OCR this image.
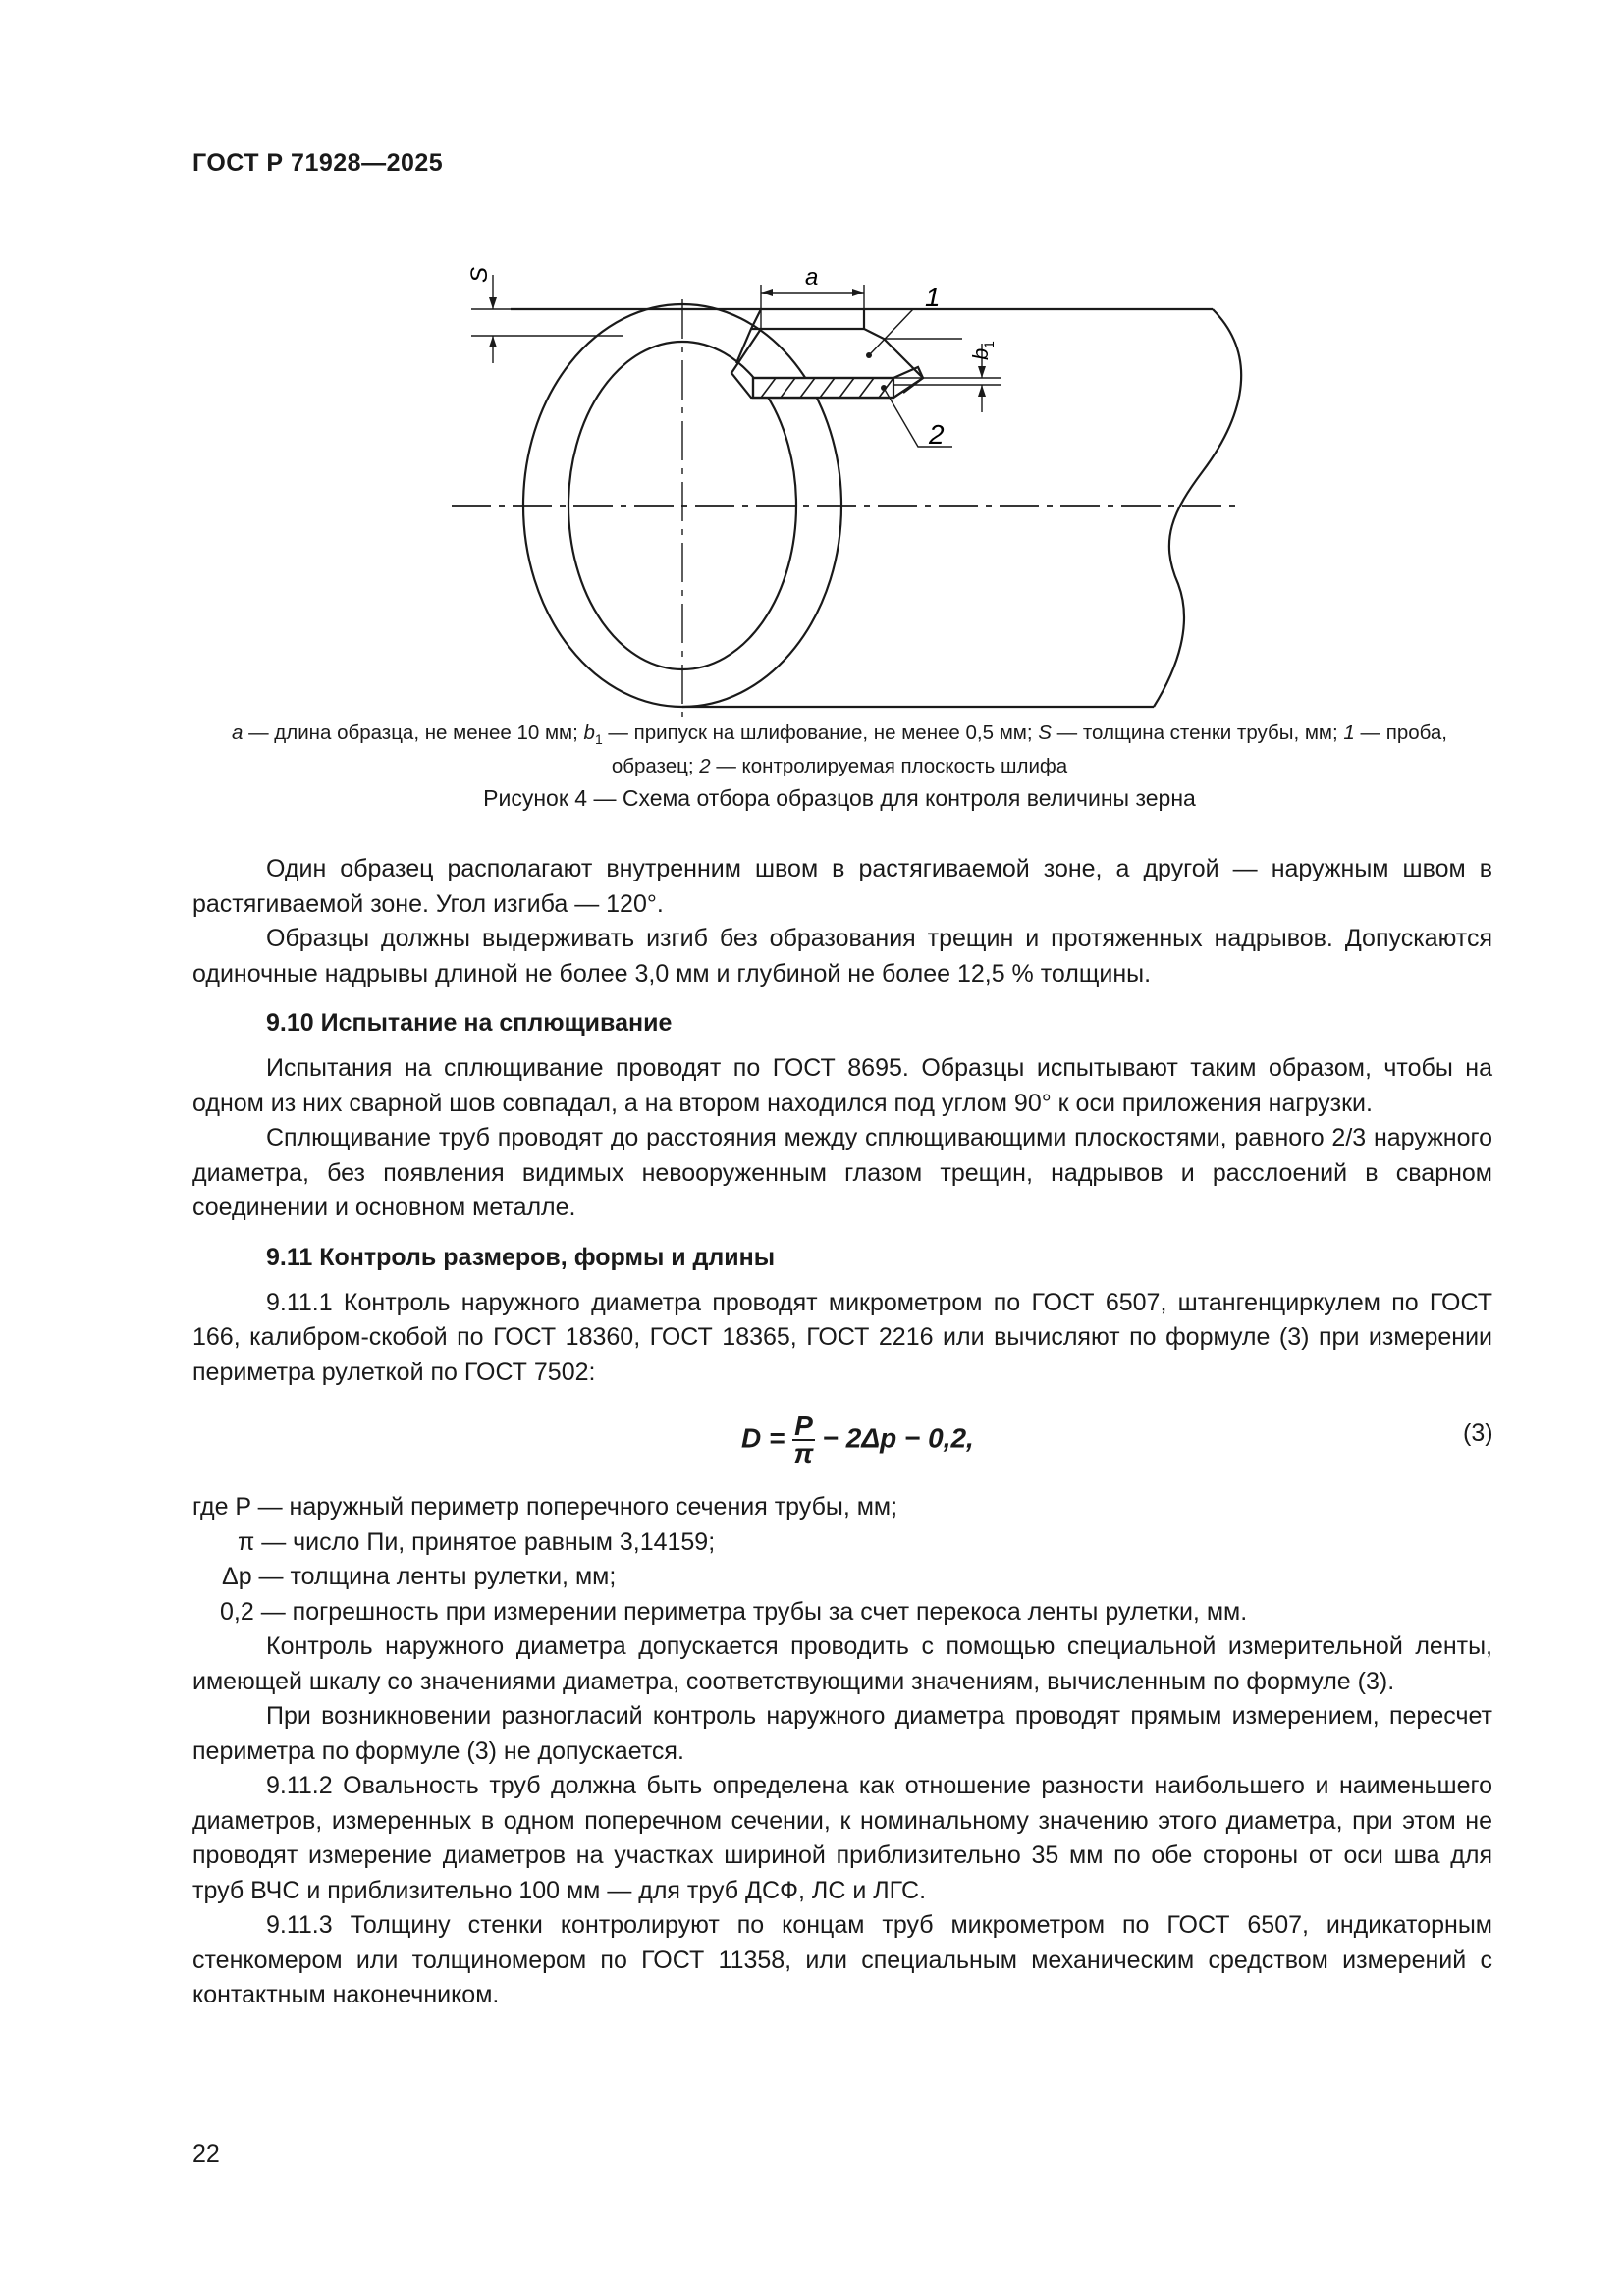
ГОСТ Р 71928—2025
S	a
1
2
b
1
a — длина образца, не менее 10 мм; $b_1$ — припуск на шлифование, не менее 0,5 мм; S — толщина стенки трубы, мм; 1 — проба,
образец; 2 — контролируемая плоскость шлифа
Рисунок 4 — Схема отбора образцов для контроля величины зерна
Один образец располагают внутренним швом в растягиваемой зоне, а другой — наружным швом в растягиваемой зоне. Угол изгиба — 120°.
Образцы должны выдерживать изгиб без образования трещин и протяженных надрывов. Допускаются одиночные надрывы длиной не более 3,0 мм и глубиной не более 12,5 % толщины.
9.10 Испытание на сплющивание
Испытания на сплющивание проводят по ГОСТ 8695. Образцы испытывают таким образом, чтобы на одном из них сварной шов совпадал, а на втором находился под углом 90° к оси приложения нагрузки.
Сплющивание труб проводят до расстояния между сплющивающими плоскостями, равного 2/3 наружного диаметра, без появления видимых невооруженным глазом трещин, надрывов и расслоений в сварном соединении и основном металле.
9.11 Контроль размеров, формы и длины
9.11.1 Контроль наружного диаметра проводят микрометром по ГОСТ 6507, штангенциркулем по ГОСТ 166, калибром-скобой по ГОСТ 18360, ГОСТ 18365, ГОСТ 2216 или вычисляют по формуле (3) при измерении периметра рулеткой по ГОСТ 7502:
$D = \frac{P}{\pi} - 2\Delta p - 0,2$,	(3)
где P — наружный периметр поперечного сечения трубы, мм;
π — число Пи, принятое равным 3,14159;
Δp — толщина ленты рулетки, мм;
0,2 — погрешность при измерении периметра трубы за счет перекоса ленты рулетки, мм.
Контроль наружного диаметра допускается проводить с помощью специальной измерительной ленты, имеющей шкалу со значениями диаметра, соответствующими значениям, вычисленным по формуле (3).
При возникновении разногласий контроль наружного диаметра проводят прямым измерением, пересчет периметра по формуле (3) не допускается.
9.11.2 Овальность труб должна быть определена как отношение разности наибольшего и наименьшего диаметров, измеренных в одном поперечном сечении, к номинальному значению этого диаметра, при этом не проводят измерение диаметров на участках шириной приблизительно 35 мм по обе стороны от оси шва для труб ВЧС и приблизительно 100 мм — для труб ДСФ, ЛС и ЛГС.
9.11.3 Толщину стенки контролируют по концам труб микрометром по ГОСТ 6507, индикаторным стенкомером или толщиномером по ГОСТ 11358, или специальным механическим средством измерений с контактным наконечником.
22
